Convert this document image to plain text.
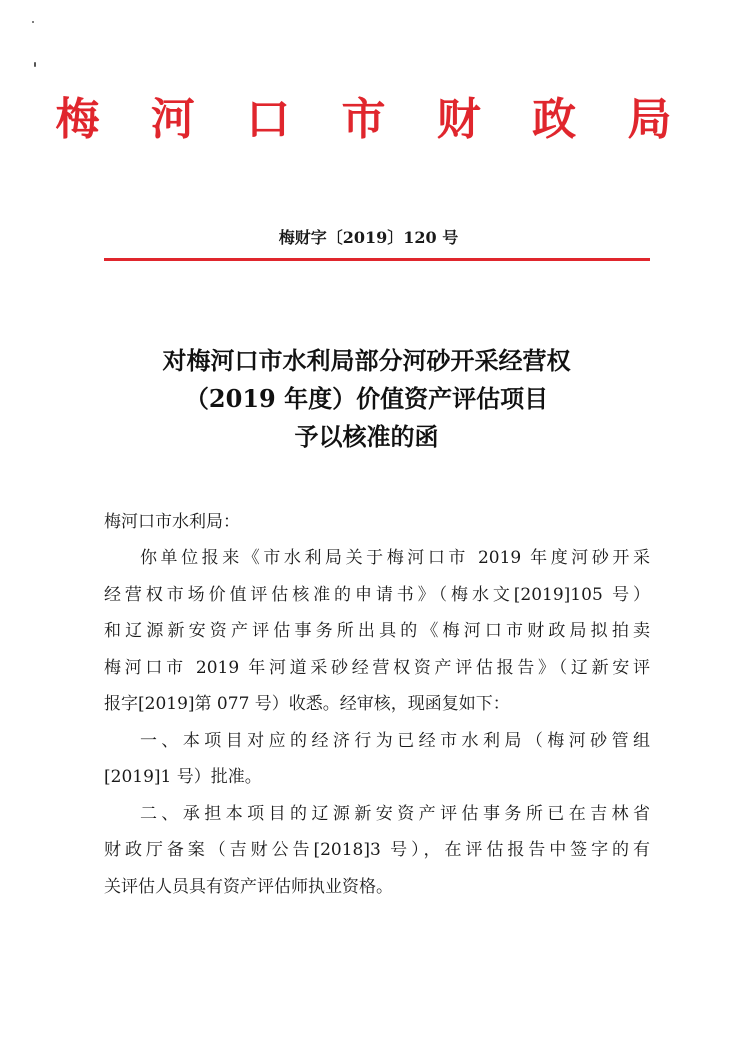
梅 河 口 市 财 政 局
梅财字〔2019〕120 号
对梅河口市水利局部分河砂开采经营权
（2019 年度）价值资产评估项目
予以核准的函
梅河口市水利局：
你单位报来《市水利局关于梅河口市 2019 年度河砂开采
经营权市场价值评估核准的申请书》（梅水文[2019]105 号）
和辽源新安资产评估事务所出具的《梅河口市财政局拟拍卖
梅河口市 2019 年河道采砂经营权资产评估报告》（辽新安评
报字[2019]第 077 号）收悉。经审核，现函复如下：
一、本项目对应的经济行为已经市水利局（梅河砂管组
[2019]1 号）批准。
二、承担本项目的辽源新安资产评估事务所已在吉林省
财政厅备案（吉财公告[2018]3 号），在评估报告中签字的有
关评估人员具有资产评估师执业资格。
